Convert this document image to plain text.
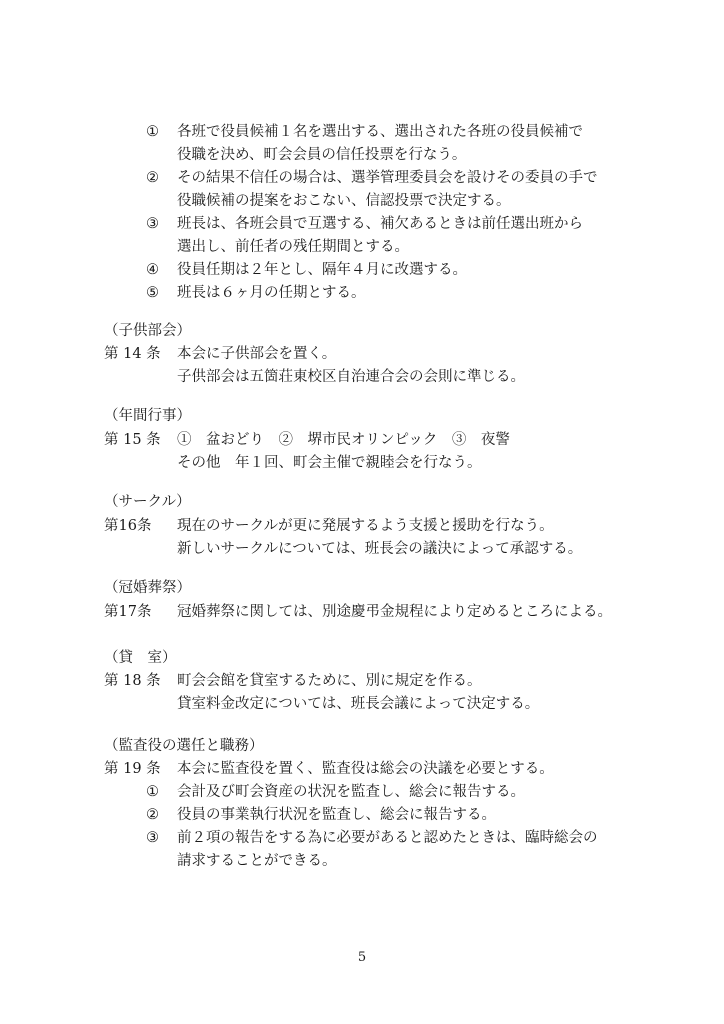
① 各班で役員候補１名を選出する、選出された各班の役員候補で
役職を決め、町会会員の信任投票を行なう。
② その結果不信任の場合は、選挙管理委員会を設けその委員の手で
役職候補の提案をおこない、信認投票で決定する。
③ 班長は、各班会員で互選する、補欠あるときは前任選出班から
選出し、前任者の残任期間とする。
④ 役員任期は２年とし、隔年４月に改選する。
⑤ 班長は６ヶ月の任期とする。
（子供部会）
第 14 条 本会に子供部会を置く。
子供部会は五箇荘東校区自治連合会の会則に準じる。
（年間行事）
第 15 条 ①　盆おどり　②　堺市民オリンピック　③　夜警
その他　年１回、町会主催で親睦会を行なう。
（サークル）
第16条 現在のサークルが更に発展するよう支援と援助を行なう。
新しいサークルについては、班長会の議決によって承認する。
（冠婚葬祭）
第17条 冠婚葬祭に関しては、別途慶弔金規程により定めるところによる。
（貸　室）
第 18 条 町会会館を貸室するために、別に規定を作る。
貸室料金改定については、班長会議によって決定する。
（監査役の選任と職務）
第 19 条 本会に監査役を置く、監査役は総会の決議を必要とする。
① 会計及び町会資産の状況を監査し、総会に報告する。
② 役員の事業執行状況を監査し、総会に報告する。
③ 前２項の報告をする為に必要があると認めたときは、臨時総会の
請求することができる。
5
